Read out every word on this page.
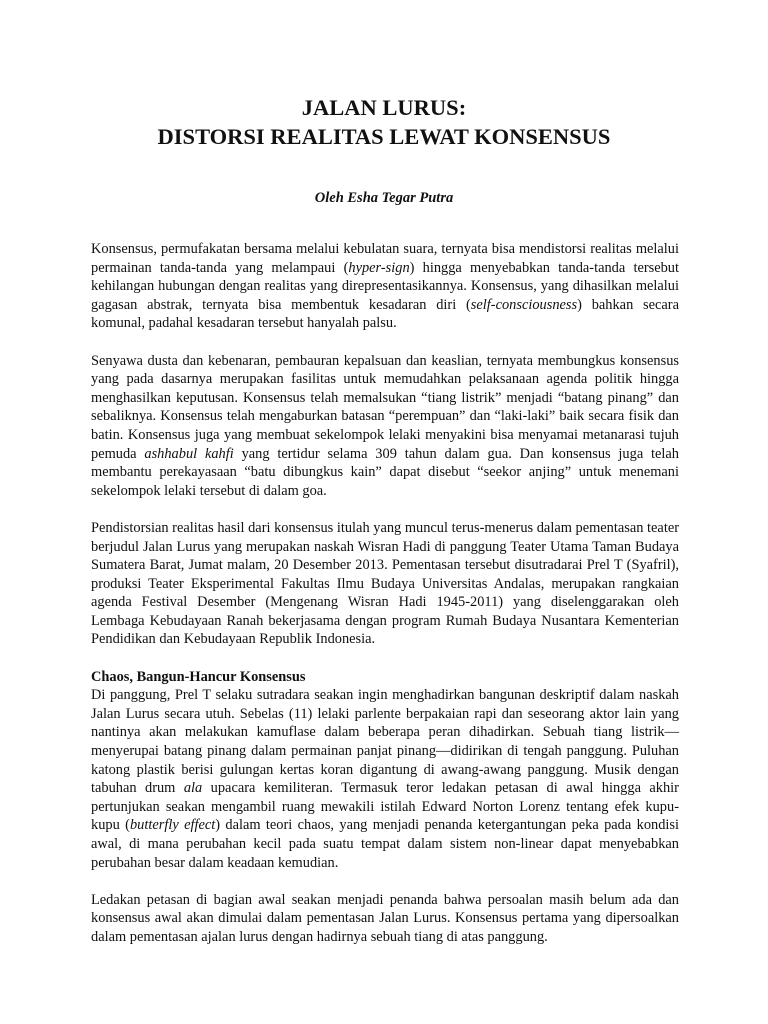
JALAN LURUS:
DISTORSI REALITAS LEWAT KONSENSUS
Oleh Esha Tegar Putra
Konsensus, permufakatan bersama melalui kebulatan suara, ternyata bisa mendistorsi realitas melalui permainan tanda-tanda yang melampaui (hyper-sign) hingga menyebabkan tanda-tanda tersebut kehilangan hubungan dengan realitas yang direpresentasikannya. Konsensus, yang dihasilkan melalui gagasan abstrak, ternyata bisa membentuk kesadaran diri (self-consciousness) bahkan secara komunal, padahal kesadaran tersebut hanyalah palsu.
Senyawa dusta dan kebenaran, pembauran kepalsuan dan keaslian, ternyata membungkus konsensus yang pada dasarnya merupakan fasilitas untuk memudahkan pelaksanaan agenda politik hingga menghasilkan keputusan. Konsensus telah memalsukan “tiang listrik” menjadi “batang pinang” dan sebaliknya. Konsensus telah mengaburkan batasan “perempuan” dan “laki-laki” baik secara fisik dan batin. Konsensus juga yang membuat sekelompok lelaki menyakini bisa menyamai metanarasi tujuh pemuda ashhabul kahfi yang tertidur selama 309 tahun dalam gua. Dan konsensus juga telah membantu perekayasaan “batu dibungkus kain” dapat disebut “seekor anjing” untuk menemani sekelompok lelaki tersebut di dalam goa.
Pendistorsian realitas hasil dari konsensus itulah yang muncul terus-menerus dalam pementasan teater berjudul Jalan Lurus yang merupakan naskah Wisran Hadi di panggung Teater Utama Taman Budaya Sumatera Barat, Jumat malam, 20 Desember 2013. Pementasan tersebut disutradarai Prel T (Syafril), produksi Teater Eksperimental Fakultas Ilmu Budaya Universitas Andalas, merupakan rangkaian agenda Festival Desember (Mengenang Wisran Hadi 1945-2011) yang diselenggarakan oleh Lembaga Kebudayaan Ranah bekerjasama dengan program Rumah Budaya Nusantara Kementerian Pendidikan dan Kebudayaan Republik Indonesia.
Chaos, Bangun-Hancur Konsensus
Di panggung, Prel T selaku sutradara seakan ingin menghadirkan bangunan deskriptif dalam naskah Jalan Lurus secara utuh. Sebelas (11) lelaki parlente berpakaian rapi dan seseorang aktor lain yang nantinya akan melakukan kamuflase dalam beberapa peran dihadirkan. Sebuah tiang listrik—menyerupai batang pinang dalam permainan panjat pinang—didirikan di tengah panggung. Puluhan katong plastik berisi gulungan kertas koran digantung di awang-awang panggung. Musik dengan tabuhan drum ala upacara kemiliteran. Termasuk teror ledakan petasan di awal hingga akhir pertunjukan seakan mengambil ruang mewakili istilah Edward Norton Lorenz tentang efek kupu-kupu (butterfly effect) dalam teori chaos, yang menjadi penanda ketergantungan peka pada kondisi awal, di mana perubahan kecil pada suatu tempat dalam sistem non-linear dapat menyebabkan perubahan besar dalam keadaan kemudian.
Ledakan petasan di bagian awal seakan menjadi penanda bahwa persoalan masih belum ada dan konsensus awal akan dimulai dalam pementasan Jalan Lurus. Konsensus pertama yang dipersoalkan dalam pementasan ajalan lurus dengan hadirnya sebuah tiang di atas panggung.
